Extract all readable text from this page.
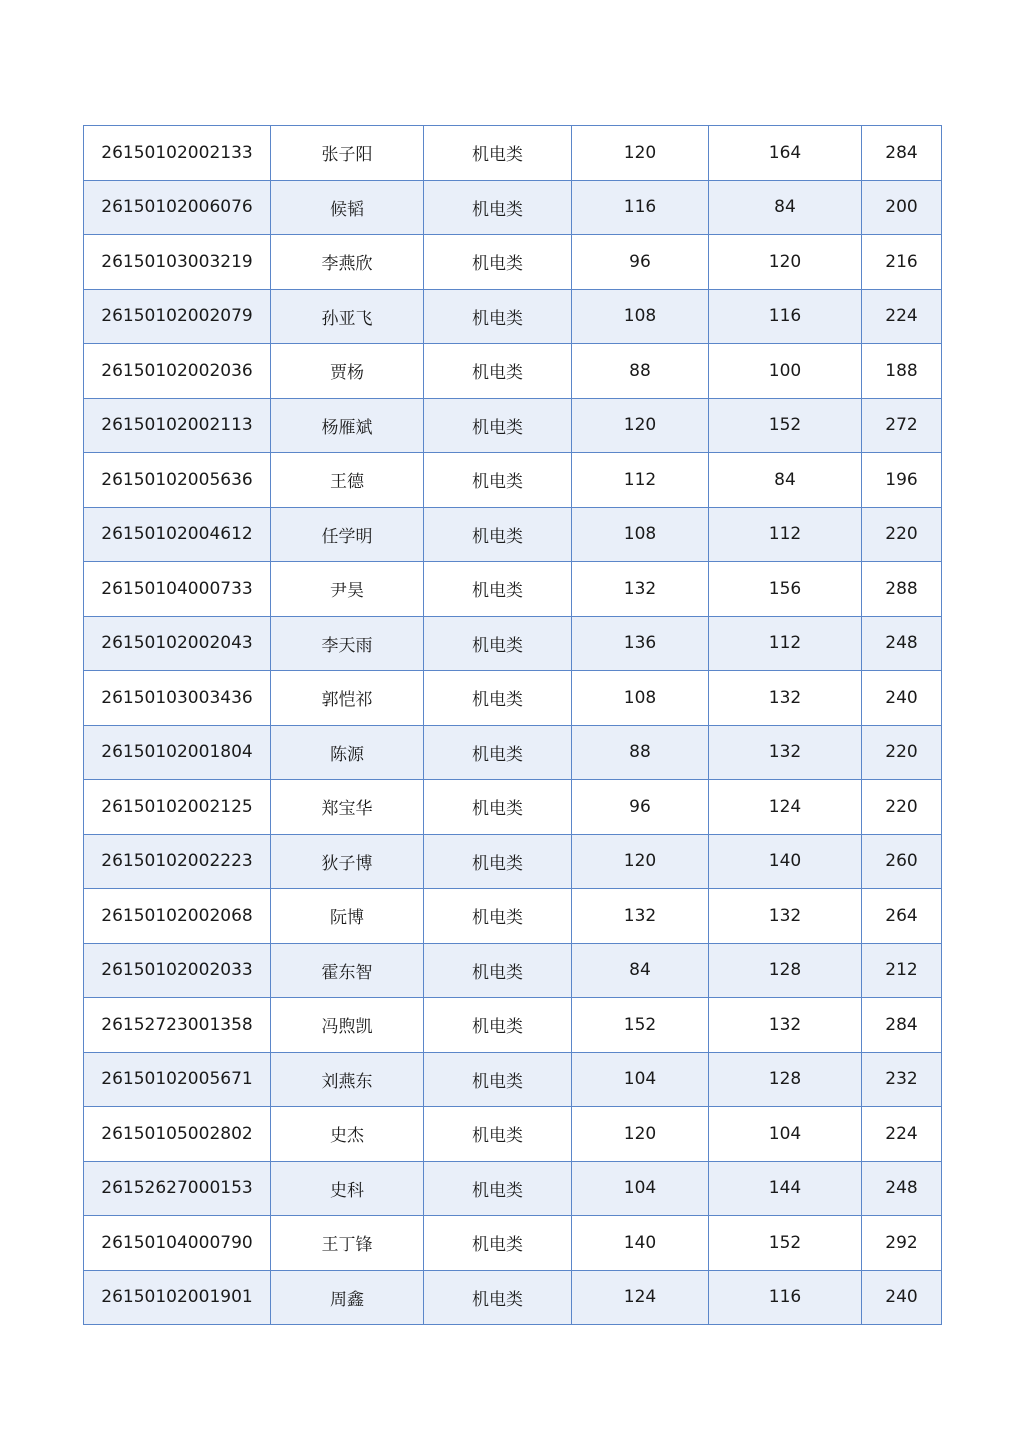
26150102002133	张子阳	机电类	120	164	284
26150102006076	候韬	机电类	116	84	200
26150103003219	李燕欣	机电类	96	120	216
26150102002079	孙亚飞	机电类	108	116	224
26150102002036	贾杨	机电类	88	100	188
26150102002113	杨雁斌	机电类	120	152	272
26150102005636	王德	机电类	112	84	196
26150102004612	任学明	机电类	108	112	220
26150104000733	尹昊	机电类	132	156	288
26150102002043	李天雨	机电类	136	112	248
26150103003436	郭恺祁	机电类	108	132	240
26150102001804	陈源	机电类	88	132	220
26150102002125	郑宝华	机电类	96	124	220
26150102002223	狄子博	机电类	120	140	260
26150102002068	阮博	机电类	132	132	264
26150102002033	霍东智	机电类	84	128	212
26152723001358	冯煦凯	机电类	152	132	284
26150102005671	刘燕东	机电类	104	128	232
26150105002802	史杰	机电类	120	104	224
26152627000153	史科	机电类	104	144	248
26150104000790	王丁锋	机电类	140	152	292
26150102001901	周鑫	机电类	124	116	240
